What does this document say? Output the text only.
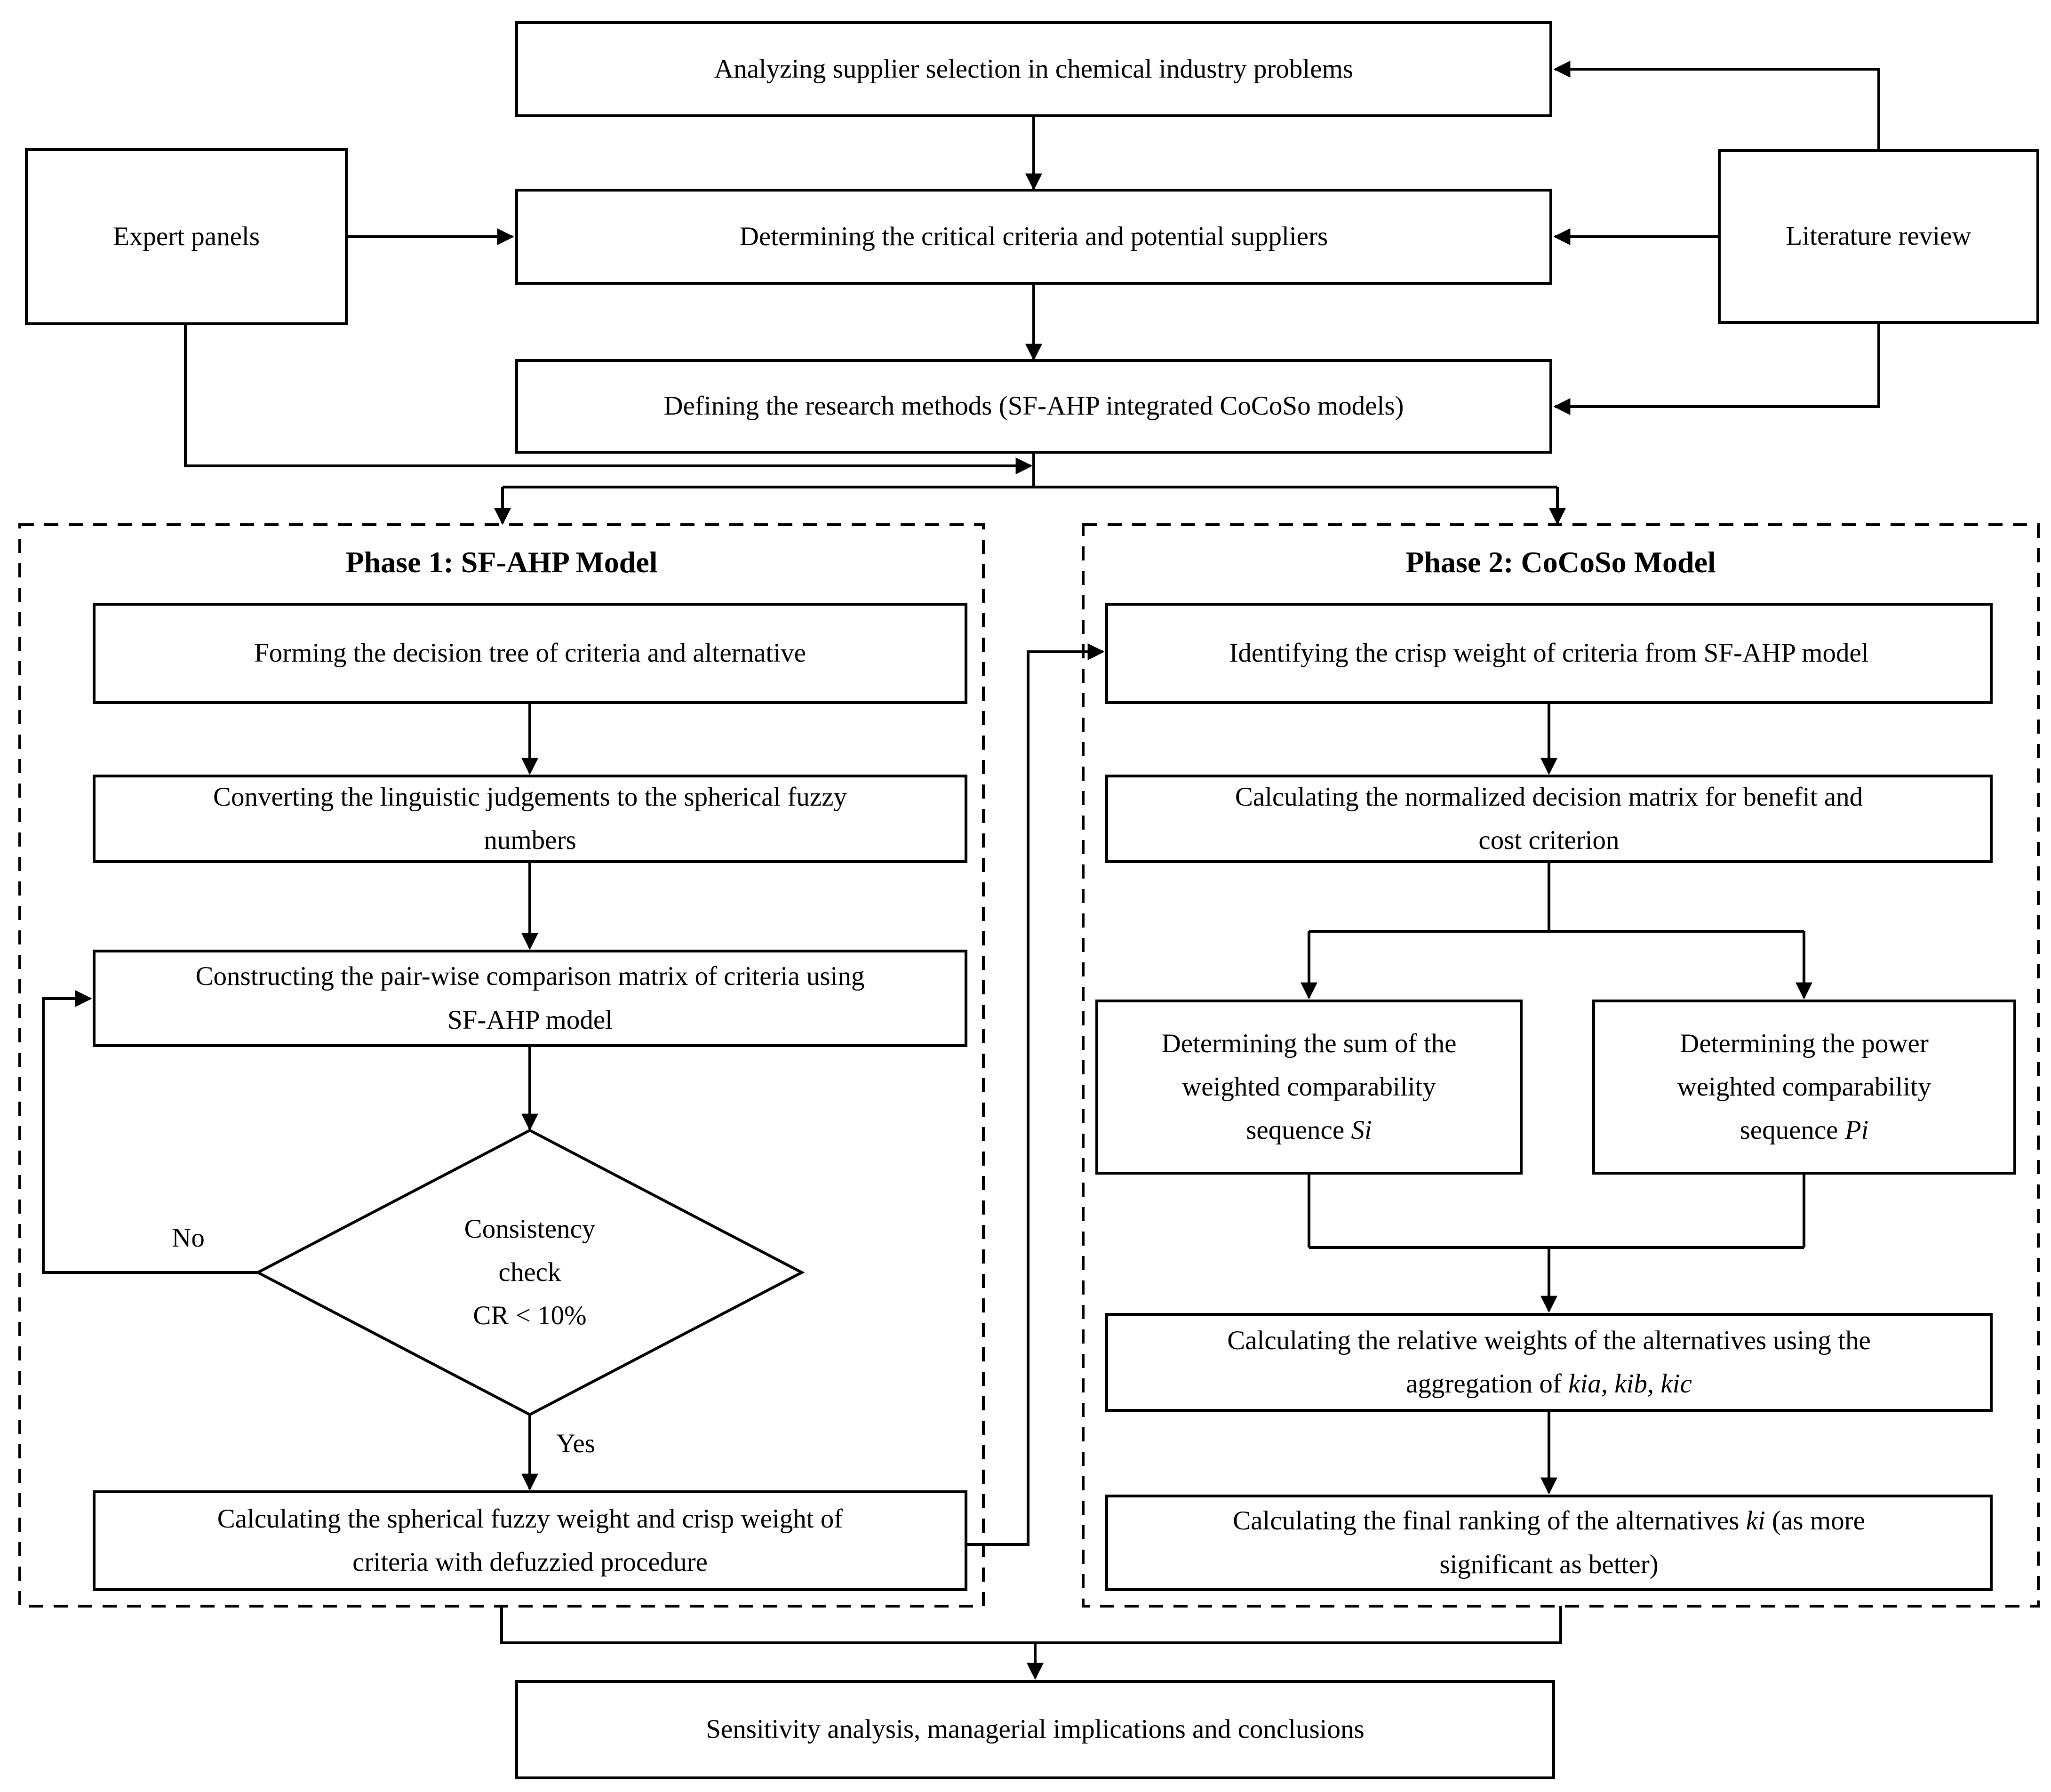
Analyzing supplier selection in chemical industry problems
Expert panels	Literature review
Determining the critical criteria and potential suppliers
Defining the research methods (SF-AHP integrated CoCoSo models)
Phase 1: SF-AHP Model	Phase 2: CoCoSo Model
Forming the decision tree of criteria and alternative
Converting the linguistic judgements to the spherical fuzzy
numbers
Constructing the pair-wise comparison matrix of criteria using
SF-AHP model
Consistency
check
CR < 10%
No
Yes
Calculating the spherical fuzzy weight and crisp weight of
criteria with defuzzied procedure
Identifying the crisp weight of criteria from SF-AHP model
Calculating the normalized decision matrix for benefit and
cost criterion
Determining the sum of the
weighted comparability
sequence Si
Determining the power
weighted comparability
sequence Pi
Calculating the relative weights of the alternatives using the
aggregation of kia, kib, kic
Calculating the final ranking of the alternatives ki (as more
significant as better)
Sensitivity analysis, managerial implications and conclusions
